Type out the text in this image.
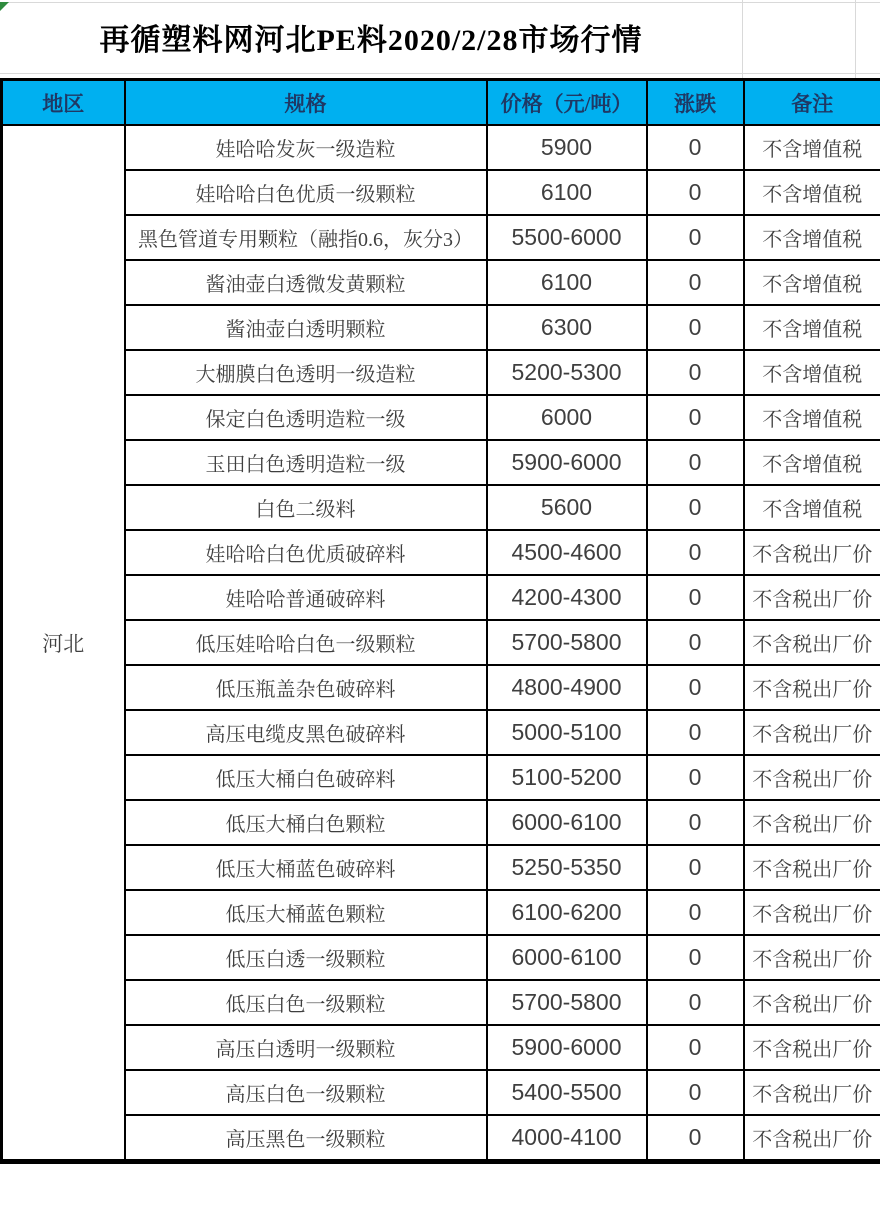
再循塑料网河北PE料2020/2/28市场行情
地区	规格	价格（元/吨）	涨跌	备注
河北	娃哈哈发灰一级造粒	5900	0	不含增值税
	娃哈哈白色优质一级颗粒	6100	0	不含增值税
	黑色管道专用颗粒（融指0.6，灰分3）	5500-6000	0	不含增值税
	酱油壶白透微发黄颗粒	6100	0	不含增值税
	酱油壶白透明颗粒	6300	0	不含增值税
	大棚膜白色透明一级造粒	5200-5300	0	不含增值税
	保定白色透明造粒一级	6000	0	不含增值税
	玉田白色透明造粒一级	5900-6000	0	不含增值税
	白色二级料	5600	0	不含增值税
	娃哈哈白色优质破碎料	4500-4600	0	不含税出厂价
	娃哈哈普通破碎料	4200-4300	0	不含税出厂价
	低压娃哈哈白色一级颗粒	5700-5800	0	不含税出厂价
	低压瓶盖杂色破碎料	4800-4900	0	不含税出厂价
	高压电缆皮黑色破碎料	5000-5100	0	不含税出厂价
	低压大桶白色破碎料	5100-5200	0	不含税出厂价
	低压大桶白色颗粒	6000-6100	0	不含税出厂价
	低压大桶蓝色破碎料	5250-5350	0	不含税出厂价
	低压大桶蓝色颗粒	6100-6200	0	不含税出厂价
	低压白透一级颗粒	6000-6100	0	不含税出厂价
	低压白色一级颗粒	5700-5800	0	不含税出厂价
	高压白透明一级颗粒	5900-6000	0	不含税出厂价
	高压白色一级颗粒	5400-5500	0	不含税出厂价
	高压黑色一级颗粒	4000-4100	0	不含税出厂价
